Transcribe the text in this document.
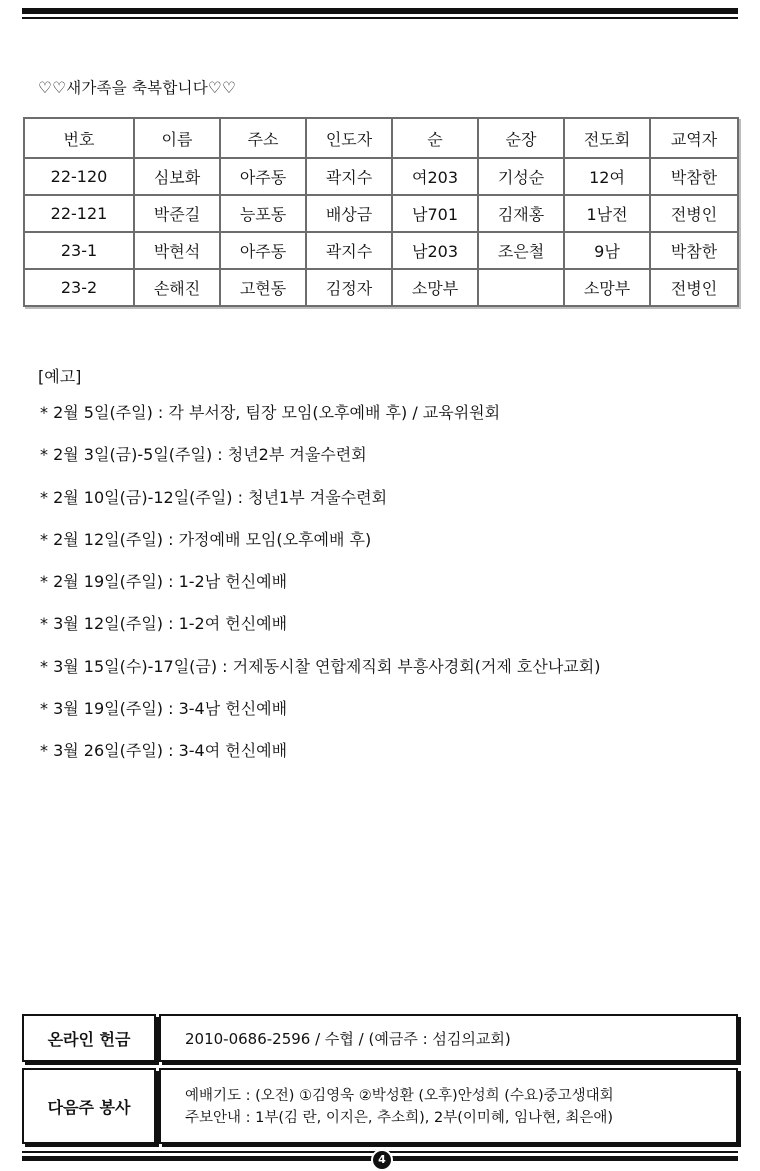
♡♡새가족을 축복합니다♡♡
번호	이름	주소	인도자	순	순장	전도회	교역자
22-120	심보화	아주동	곽지수	여203	기성순	12여	박참한
22-121	박준길	능포동	배상금	남701	김재홍	1남전	전병인
23-1	박현석	아주동	곽지수	남203	조은철	9남	박참한
23-2	손해진	고현동	김정자	소망부		소망부	전병인
[예고]
* 2월 5일(주일) : 각 부서장, 팀장 모임(오후예배 후) / 교육위원회
* 2월 3일(금)-5일(주일) : 청년2부 겨울수련회
* 2월 10일(금)-12일(주일) : 청년1부 겨울수련회
* 2월 12일(주일) : 가정예배 모임(오후예배 후)
* 2월 19일(주일) : 1-2남 헌신예배
* 3월 12일(주일) : 1-2여 헌신예배
* 3월 15일(수)-17일(금) : 거제동시찰 연합제직회 부흥사경회(거제 호산나교회)
* 3월 19일(주일) : 3-4남 헌신예배
* 3월 26일(주일) : 3-4여 헌신예배
온라인 헌금	2010-0686-2596 / 수협 / (예금주 : 섬김의교회)
다음주 봉사
예배기도 : (오전) ①김영욱 ②박성환 (오후)안성희 (수요)중고생대회
주보안내 : 1부(김 란, 이지은, 추소희), 2부(이미혜, 임나현, 최은애)
4
